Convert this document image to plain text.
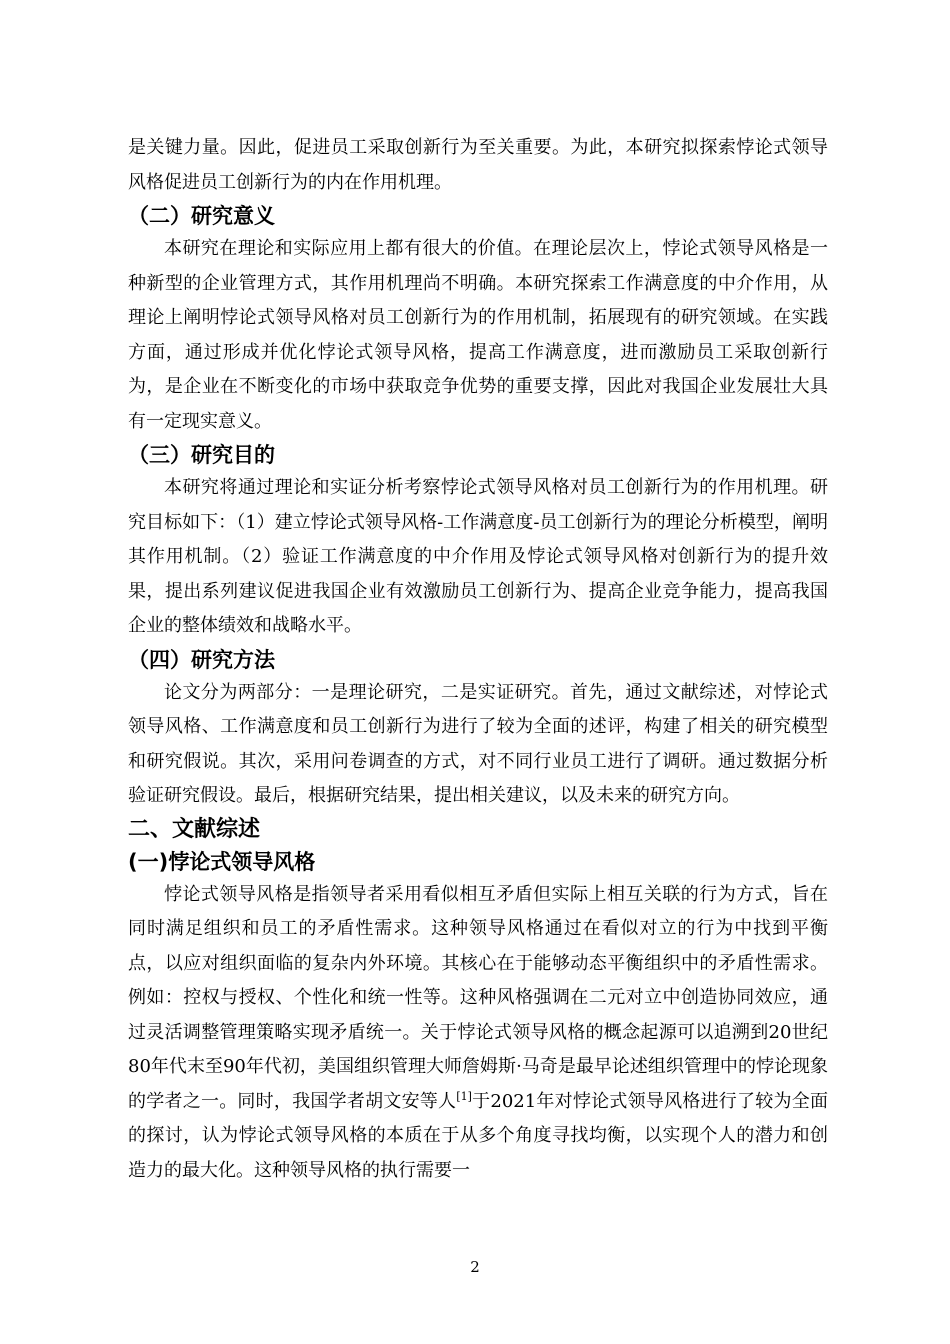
是关键力量。因此，促进员工采取创新行为至关重要。为此，本研究拟探索悖论式领导风格促进员工创新行为的内在作用机理。

（二）研究意义

本研究在理论和实际应用上都有很大的价值。在理论层次上，悖论式领导风格是一种新型的企业管理方式，其作用机理尚不明确。本研究探索工作满意度的中介作用，从理论上阐明悖论式领导风格对员工创新行为的作用机制，拓展现有的研究领域。在实践方面，通过形成并优化悖论式领导风格，提高工作满意度，进而激励员工采取创新行为，是企业在不断变化的市场中获取竞争优势的重要支撑，因此对我国企业发展壮大具有一定现实意义。

（三）研究目的

本研究将通过理论和实证分析考察悖论式领导风格对员工创新行为的作用机理。研究目标如下：（1）建立悖论式领导风格-工作满意度-员工创新行为的理论分析模型，阐明其作用机制。（2）验证工作满意度的中介作用及悖论式领导风格对创新行为的提升效果，提出系列建议促进我国企业有效激励员工创新行为、提高企业竞争能力，提高我国企业的整体绩效和战略水平。

（四）研究方法

论文分为两部分：一是理论研究，二是实证研究。首先，通过文献综述，对悖论式领导风格、工作满意度和员工创新行为进行了较为全面的述评，构建了相关的研究模型和研究假说。其次，采用问卷调查的方式，对不同行业员工进行了调研。通过数据分析验证研究假设。最后，根据研究结果，提出相关建议，以及未来的研究方向。

二、文献综述
(一)悖论式领导风格

悖论式领导风格是指领导者采用看似相互矛盾但实际上相互关联的行为方式，旨在同时满足组织和员工的矛盾性需求。这种领导风格通过在看似对立的行为中找到平衡点，以应对组织面临的复杂内外环境。其核心在于能够动态平衡组织中的矛盾性需求。例如：控权与授权、个性化和统一性等。这种风格强调在二元对立中创造协同效应，通过灵活调整管理策略实现矛盾统一。关于悖论式领导风格的概念起源可以追溯到20世纪80年代末至90年代初，美国组织管理大师詹姆斯·马奇是最早论述组织管理中的悖论现象的学者之一。同时，我国学者胡文安等人[1]于2021年对悖论式领导风格进行了较为全面的探讨，认为悖论式领导风格的本质在于从多个角度寻找均衡，以实现个人的潜力和创造力的最大化。这种领导风格的执行需要一

2
